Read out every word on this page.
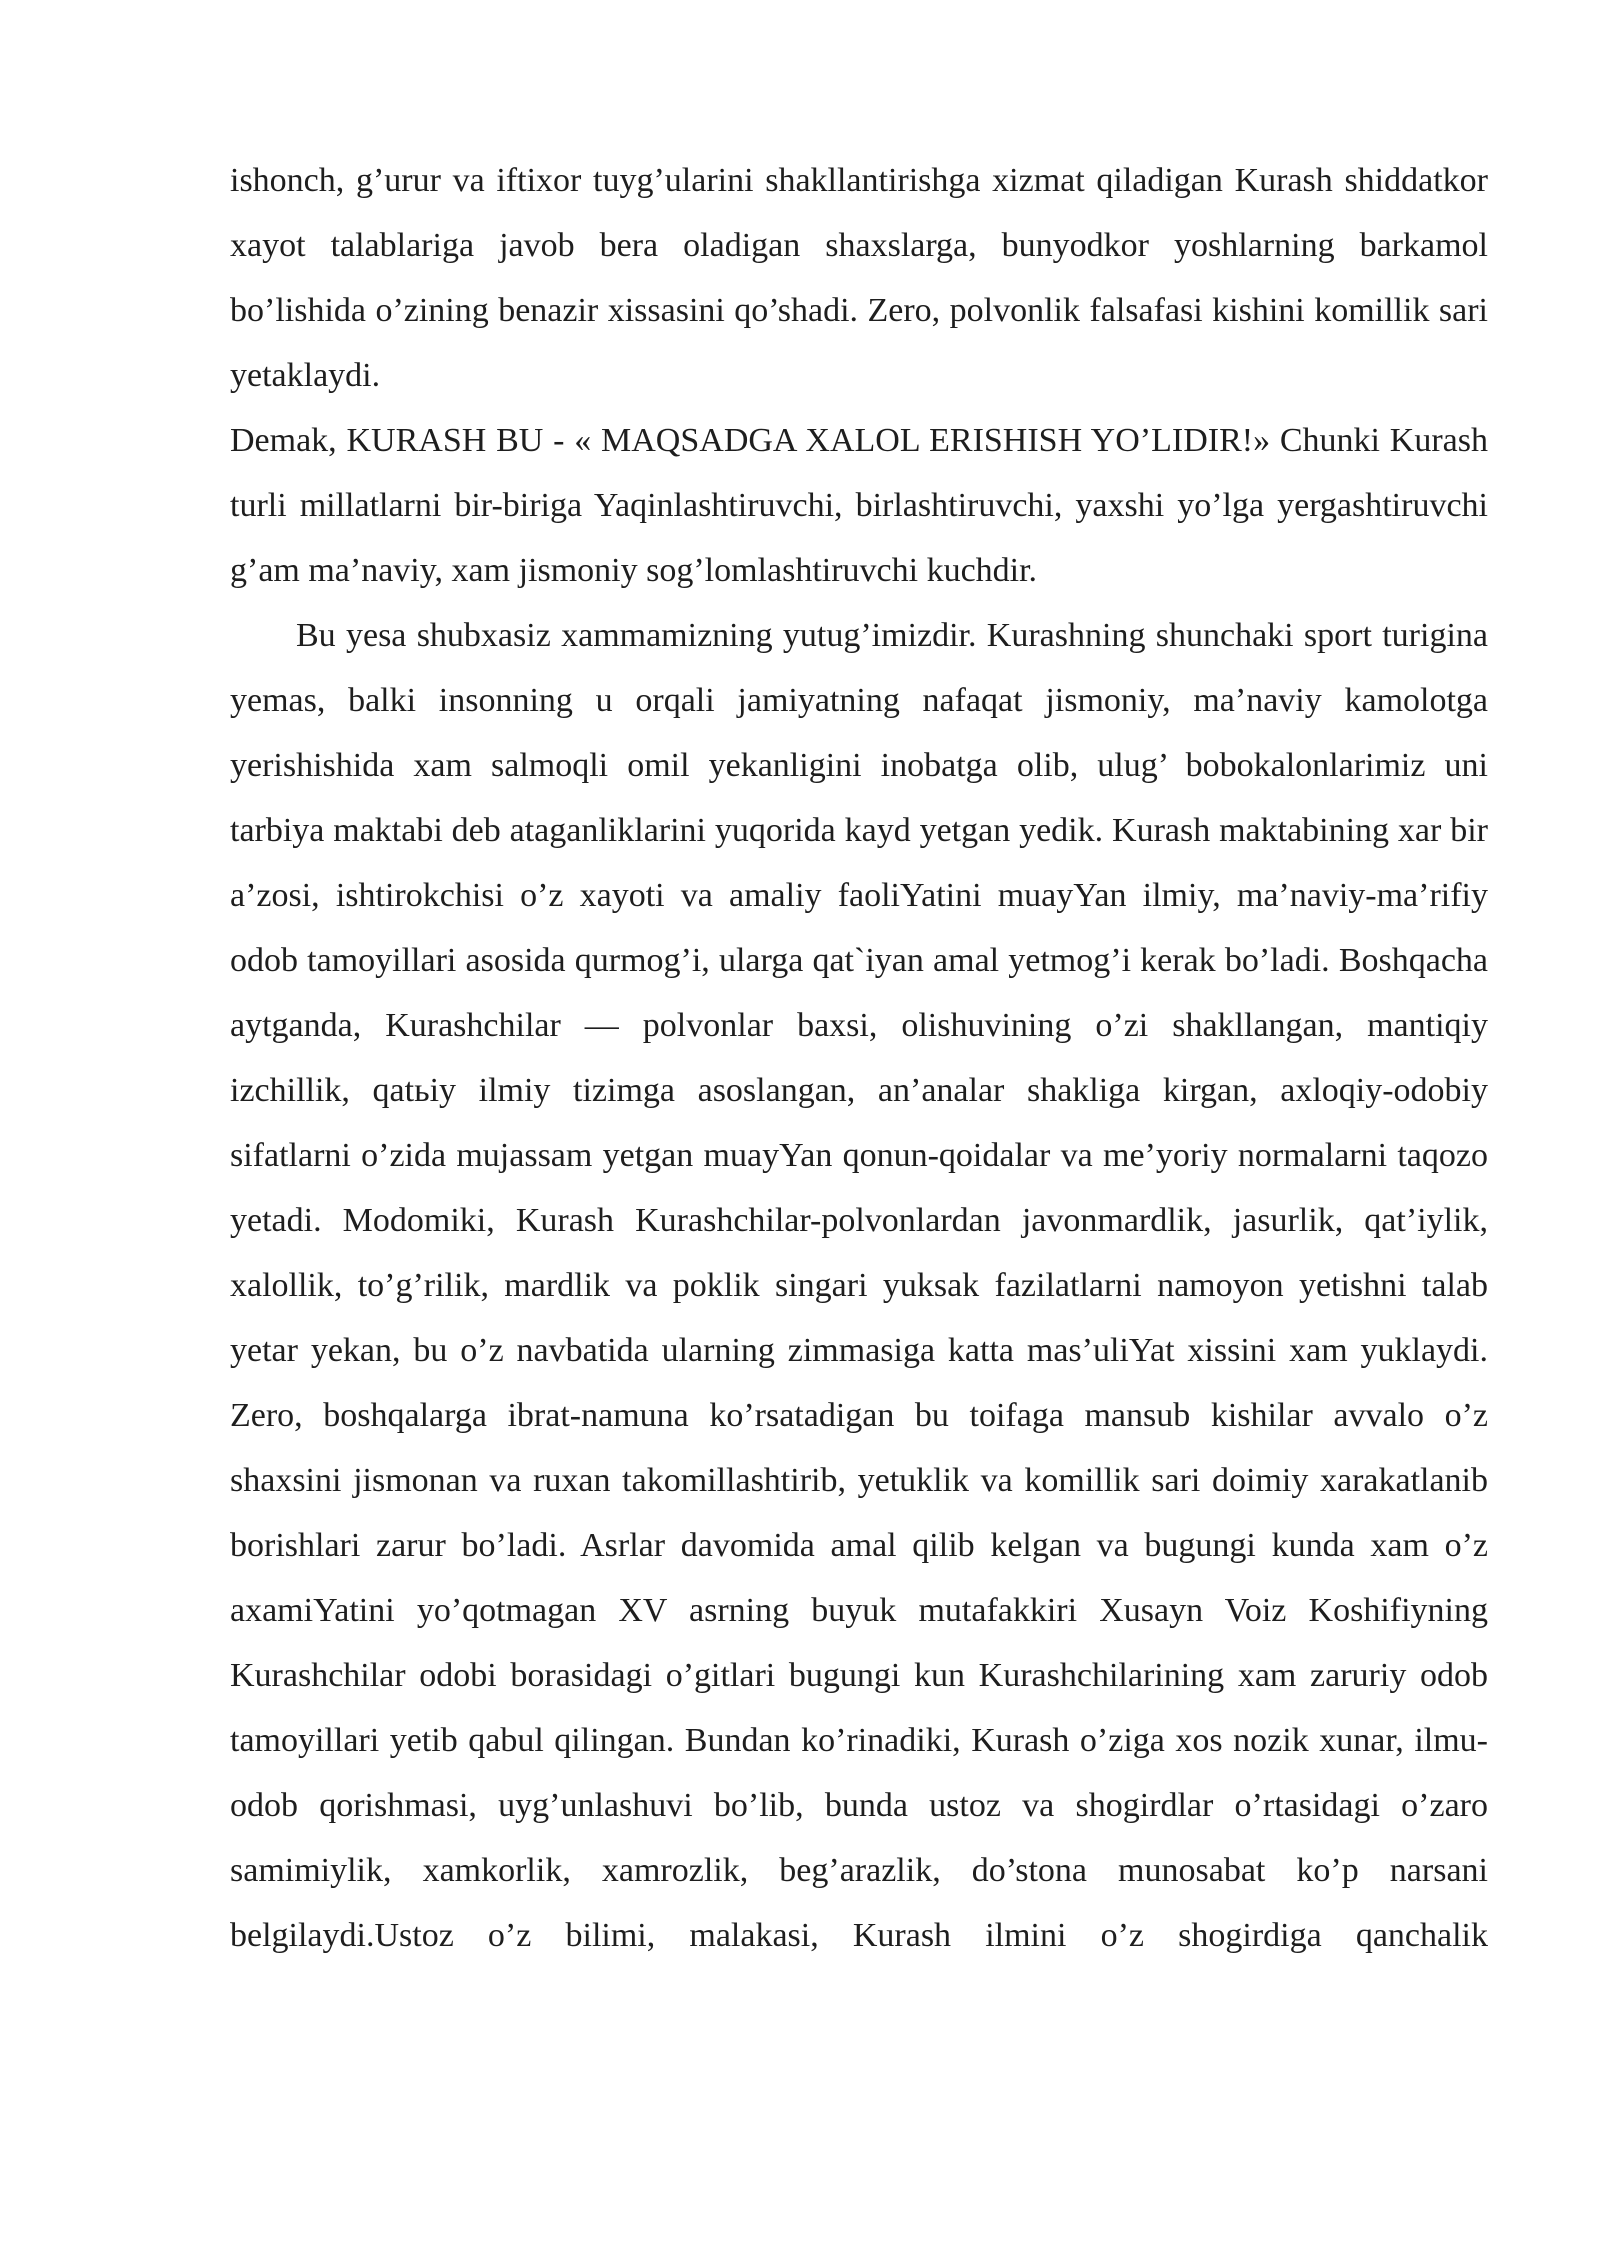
ishonch, g’urur va iftixor tuyg’ularini shakllantirishga xizmat qiladigan Kurash shiddatkor xayot talablariga javob bera oladigan shaxslarga, bunyodkor yoshlarning barkamol bo’lishida o’zining benazir xissasini qo’shadi. Zero, polvonlik falsafasi kishini komillik sari yetaklaydi.

Demak, KURASH BU - « MAQSADGA XALOL ERISHISH YO’LIDIR!» Chunki Kurash turli millatlarni bir-biriga Yaqinlashtiruvchi, birlashtiruvchi, yaxshi yo’lga yergashtiruvchi g’am ma’naviy, xam jismoniy sog’lomlashtiruvchi kuchdir.

Bu yesa shubxasiz xammamizning yutug’imizdir. Kurashning shunchaki sport turigina yemas, balki insonning u orqali jamiyatning nafaqat jismoniy, ma’naviy kamolotga yerishishida xam salmoqli omil yekanligini inobatga olib, ulug’ bobokalonlarimiz uni tarbiya maktabi deb ataganliklarini yuqorida kayd yetgan yedik. Kurash maktabining xar bir a’zosi, ishtirokchisi o’z xayoti va amaliy faoliYatini muayYan ilmiy, ma’naviy-ma’rifiy odob tamoyillari asosida qurmog’i, ularga qat`iyan amal yetmog’i kerak bo’ladi. Boshqacha aytganda, Kurashchilar — polvonlar baxsi, olishuvining o’zi shakllangan, mantiqiy izchillik, qatьiy ilmiy tizimga asoslangan, an’analar shakliga kirgan, axloqiy-odobiy sifatlarni o’zida mujassam yetgan muayYan qonun-qoidalar va me’yoriy normalarni taqozo yetadi. Modomiki, Kurash Kurashchilar-polvonlardan javonmardlik, jasurlik, qat’iylik, xalollik, to’g’rilik, mardlik va poklik singari yuksak fazilatlarni namoyon yetishni talab yetar yekan, bu o’z navbatida ularning zimmasiga katta mas’uliYat xissini xam yuklaydi. Zero, boshqalarga ibrat-namuna ko’rsatadigan bu toifaga mansub kishilar avvalo o’z shaxsini jismonan va ruxan takomillashtirib, yetuklik va komillik sari doimiy xarakatlanib borishlari zarur bo’ladi. Asrlar davomida amal qilib kelgan va bugungi kunda xam o’z axamiYatini yo’qotmagan XV asrning buyuk mutafakkiri Xusayn Voiz Koshifiyning Kurashchilar odobi borasidagi o’gitlari bugungi kun Kurashchilarining xam zaruriy odob tamoyillari yetib qabul qilingan. Bundan ko’rinadiki, Kurash o’ziga xos nozik xunar, ilmu-odob qorishmasi, uyg’unlashuvi bo’lib, bunda ustoz va shogirdlar o’rtasidagi o’zaro samimiylik, xamkorlik, xamrozlik, beg’arazlik, do’stona munosabat ko’p narsani belgilaydi.Ustoz o’z bilimi, malakasi, Kurash ilmini o’z shogirdiga qanchalik
